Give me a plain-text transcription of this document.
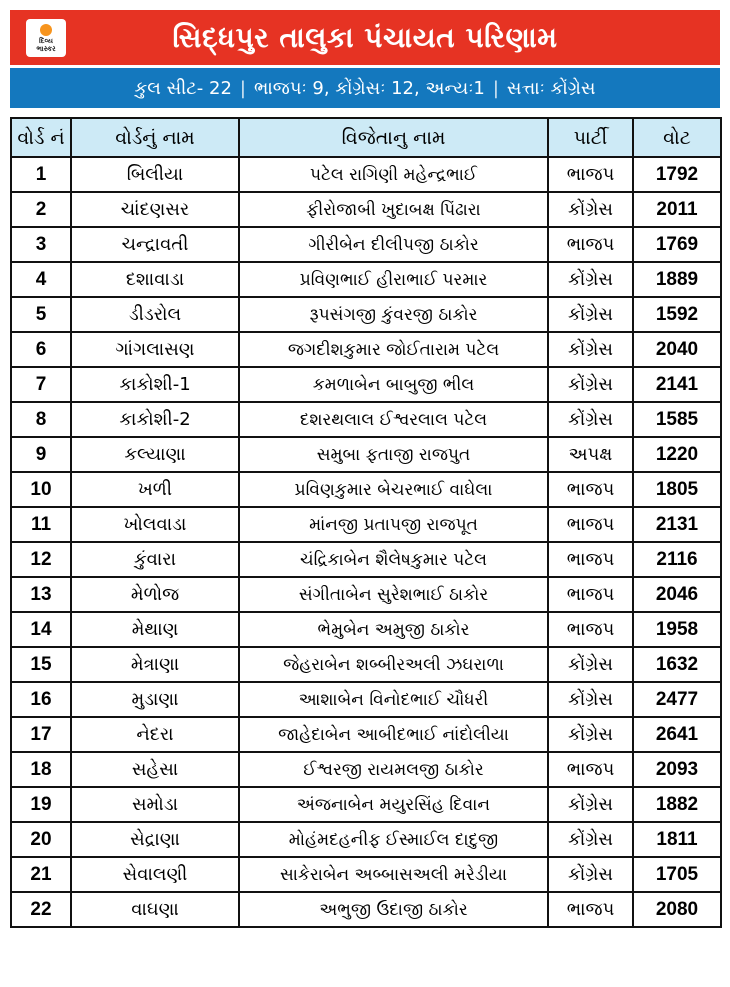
દિવ્ય
ભાસ્કર	સિદ્ધપુર તાલુકા પંચાયત પરિણામ
કુલ સીટ- 22 | ભાજપઃ 9, કોંગ્રેસઃ 12, અન્યઃ1 | સત્તાઃ કોંગ્રેસ
વોર્ડ નં	વોર્ડનું નામ	વિજેતાનુ નામ	પાર્ટી	વોટ
1	બિલીયા	પટેલ રાગિણી મહેન્દ્રભાઈ	ભાજપ	1792
2	ચાંદણસર	ફીરોજાબી ખુદાબક્ષ પિંઢારા	કોંગ્રેસ	2011
3	ચન્દ્રાવતી	ગીરીબેન દીલીપજી ઠાકોર	ભાજપ	1769
4	દશાવાડા	પ્રવિણભાઈ હીરાભાઈ પરમાર	કોંગ્રેસ	1889
5	ડીડરોલ	રૂપસંગજી કુંવરજી ઠાકોર	કોંગ્રેસ	1592
6	ગાંગલાસણ	જગદીશકુમાર જોઈતારામ પટેલ	કોંગ્રેસ	2040
7	કાકોશી-1	કમળાબેન બાબુજી ભીલ	કોંગ્રેસ	2141
8	કાકોશી-2	દશરથલાલ ઈશ્વરલાલ પટેલ	કોંગ્રેસ	1585
9	કલ્યાણા	સમુબા ફતાજી રાજપુત	અપક્ષ	1220
10	ખળી	પ્રવિણકુમાર બેચરભાઈ વાઘેલા	ભાજપ	1805
11	ખોલવાડા	માંનજી પ્રતાપજી રાજપૂત	ભાજપ	2131
12	કુંવારા	ચંદ્રિકાબેન શૈલેષકુમાર પટેલ	ભાજપ	2116
13	મેળોજ	સંગીતાબેન સુરેશભાઈ ઠાકોર	ભાજપ	2046
14	મેથાણ	ભેમુબેન અમુજી ઠાકોર	ભાજપ	1958
15	મેત્રાણા	જેહરાબેન શબ્બીરઅલી ઝઘરાળા	કોંગ્રેસ	1632
16	મુડાણા	આશાબેન વિનોદભાઈ ચૌધરી	કોંગ્રેસ	2477
17	નેદરા	જાહેદાબેન આબીદભાઈ નાંદોલીયા	કોંગ્રેસ	2641
18	સહેસા	ઈશ્વરજી રાયમલજી ઠાકોર	ભાજપ	2093
19	સમોડા	અંજનાબેન મયુરસિંહ દિવાન	કોંગ્રેસ	1882
20	સેદ્રાણા	મોહંમદહનીફ ઈસ્માઈલ દાદુજી	કોંગ્રેસ	1811
21	સેવાલણી	સાકેરાબેન અબ્બાસઅલી મરેડીયા	કોંગ્રેસ	1705
22	વાઘણા	અભુજી ઉદાજી ઠાકોર	ભાજપ	2080
